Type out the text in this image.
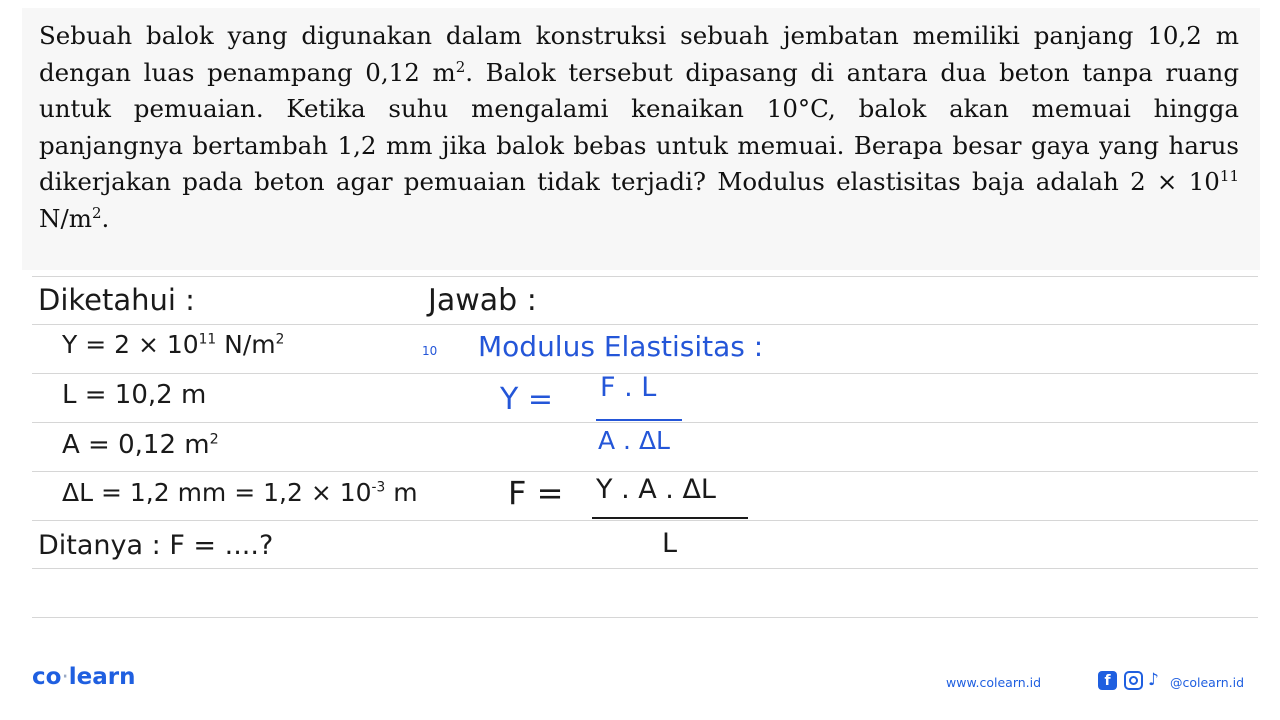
Sebuah balok yang digunakan dalam konstruksi sebuah jembatan memiliki panjang 10,2 m dengan luas penampang 0,12 $m^2$. Balok tersebut dipasang di antara dua beton tanpa ruang untuk pemuaian. Ketika suhu mengalami kenaikan 10°C, balok akan memuai hingga panjangnya bertambah 1,2 mm jika balok bebas untuk memuai. Berapa besar gaya yang harus dikerjakan pada beton agar pemuaian tidak terjadi? Modulus elastisitas baja adalah $2 \times 10^{11}$ $N/m^2$.

Diketahui :
$Y = 2 \times 10^{11}$ $N/m^2$
L = 10,2 m
A = 0,12 $m^2$
ΔL = 1,2 mm = $1,2 \times 10^{-3}$ m
Ditanya : F = ....?
Jawab :
10 Modulus Elastisitas :
Y = F . L
A . ΔL
F = Y . A . ΔL
L
co·learn	www.colearn.id	f	♪ @colearn.id
